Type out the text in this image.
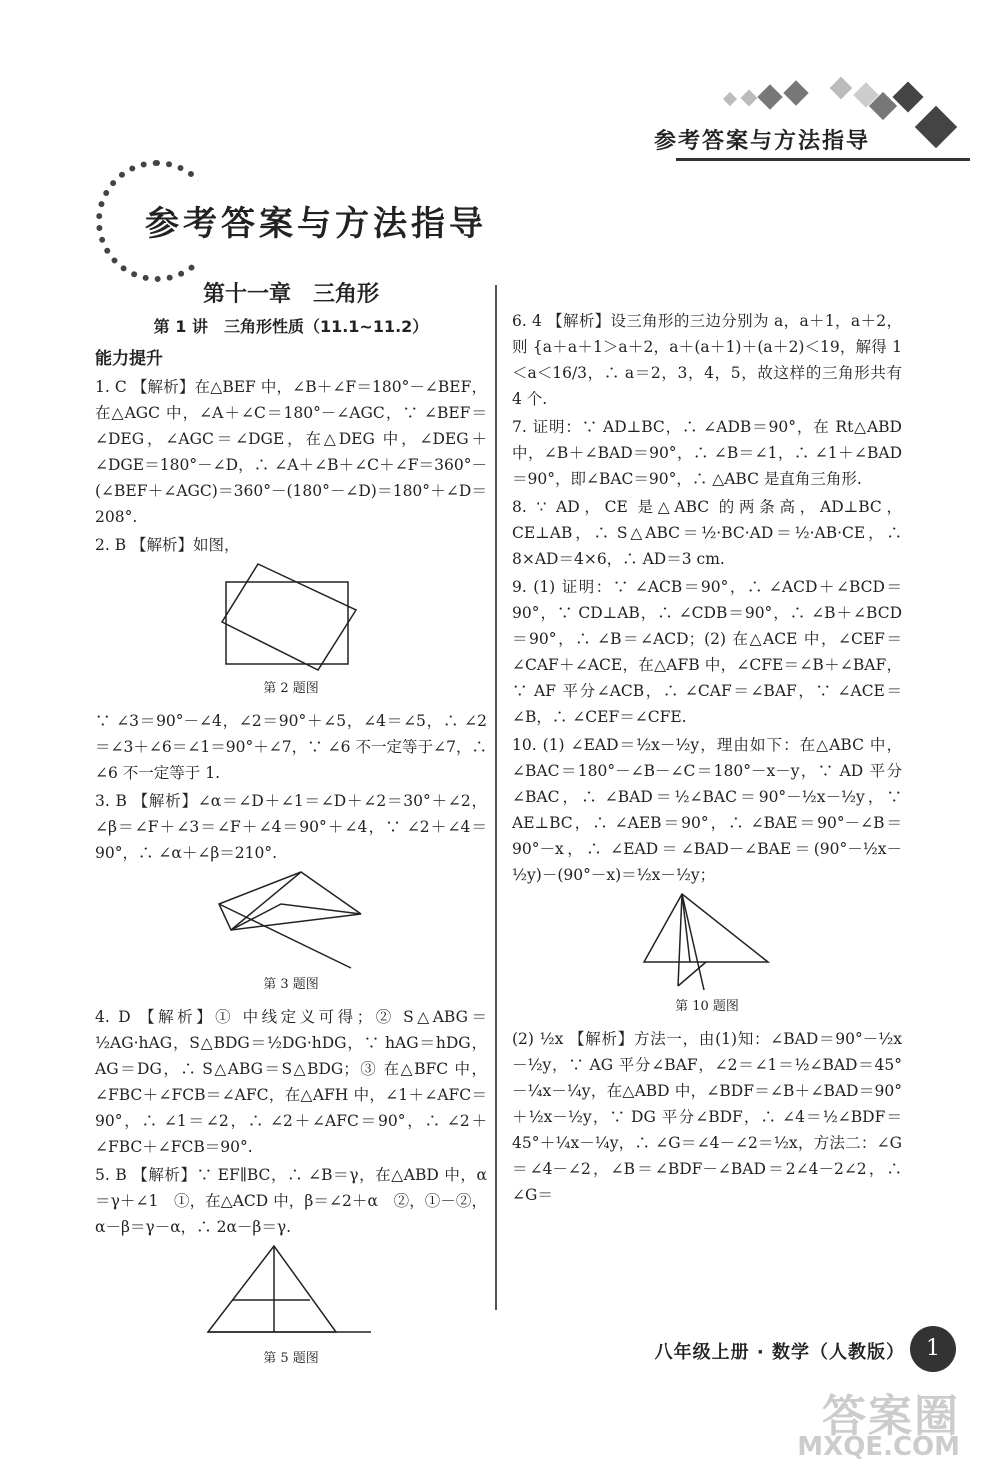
参考答案与方法指导
参考答案与方法指导
第十一章　三角形
第 1 讲　三角形性质（11.1~11.2）
能力提升
1. C 【解析】在△BEF 中，∠B＋∠F＝180°－∠BEF，在△AGC 中，∠A＋∠C＝180°－∠AGC，∵ ∠BEF＝∠DEG，∠AGC＝∠DGE，在△DEG 中，∠DEG＋∠DGE＝180°－∠D，∴ ∠A＋∠B＋∠C＋∠F＝360°－(∠BEF＋∠AGC)＝360°－(180°－∠D)＝180°＋∠D＝208°.
2. B 【解析】如图，
第 2 题图
∵ ∠3＝90°－∠4，∠2＝90°＋∠5，∠4＝∠5，∴ ∠2＝∠3＋∠6＝∠1＝90°＋∠7，∵ ∠6 不一定等于∠7，∴ ∠6 不一定等于 1.
3. B 【解析】∠α＝∠D＋∠1＝∠D＋∠2＝30°＋∠2，∠β＝∠F＋∠3＝∠F＋∠4＝90°＋∠4，∵ ∠2＋∠4＝90°，∴ ∠α＋∠β＝210°.
第 3 题图
4. D 【解析】① 中线定义可得；② S△ABG＝½AG·hAG，S△BDG＝½DG·hDG，∵ hAG＝hDG，AG＝DG，∴ S△ABG＝S△BDG；③ 在△BFC 中，∠FBC＋∠FCB＝∠AFC，在△AFH 中，∠1＋∠AFC＝90°，∴ ∠1＝∠2，∴ ∠2＋∠AFC＝90°，∴ ∠2＋∠FBC＋∠FCB＝90°.
5. B 【解析】∵ EF∥BC，∴ ∠B＝γ，在△ABD 中，α＝γ＋∠1　①，在△ACD 中，β＝∠2＋α　②，①－②，α－β＝γ－α，∴ 2α－β＝γ.
第 5 题图
6. 4 【解析】设三角形的三边分别为 a，a＋1，a＋2，则 {a＋a＋1＞a＋2，a＋(a＋1)＋(a＋2)＜19，解得 1＜a＜16/3，∴ a＝2，3，4，5，故这样的三角形共有 4 个.
7. 证明：∵ AD⊥BC，∴ ∠ADB＝90°，在 Rt△ABD 中，∠B＋∠BAD＝90°，∴ ∠B＝∠1，∴ ∠1＋∠BAD＝90°，即∠BAC＝90°，∴ △ABC 是直角三角形.
8. ∵ AD，CE 是△ABC 的两条高，AD⊥BC，CE⊥AB，∴ S△ABC＝½·BC·AD＝½·AB·CE，∴ 8×AD＝4×6，∴ AD＝3 cm.
9. (1) 证明：∵ ∠ACB＝90°，∴ ∠ACD＋∠BCD＝90°，∵ CD⊥AB，∴ ∠CDB＝90°，∴ ∠B＋∠BCD＝90°，∴ ∠B＝∠ACD；(2) 在△ACE 中，∠CEF＝∠CAF＋∠ACE，在△AFB 中，∠CFE＝∠B＋∠BAF，∵ AF 平分∠ACB，∴ ∠CAF＝∠BAF，∵ ∠ACE＝∠B，∴ ∠CEF＝∠CFE.
10. (1) ∠EAD＝½x－½y，理由如下：在△ABC 中，∠BAC＝180°－∠B－∠C＝180°－x－y，∵ AD 平分∠BAC，∴ ∠BAD＝½∠BAC＝90°－½x－½y，∵ AE⊥BC，∴ ∠AEB＝90°，∴ ∠BAE＝90°－∠B＝90°－x，∴ ∠EAD＝∠BAD－∠BAE＝(90°－½x－½y)－(90°－x)＝½x－½y；
第 10 题图
(2) ½x 【解析】方法一，由(1)知：∠BAD＝90°－½x－½y，∵ AG 平分∠BAF，∠2＝∠1＝½∠BAD＝45°－¼x－¼y，在△ABD 中，∠BDF＝∠B＋∠BAD＝90°＋½x－½y，∵ DG 平分∠BDF，∴ ∠4＝½∠BDF＝45°＋¼x－¼y，∴ ∠G＝∠4－∠2＝½x，方法二：∠G＝∠4－∠2，∠B＝∠BDF－∠BAD＝2∠4－2∠2，∴ ∠G＝
八年级上册 · 数学（人教版） 1
答案圈
MXQE.COM
